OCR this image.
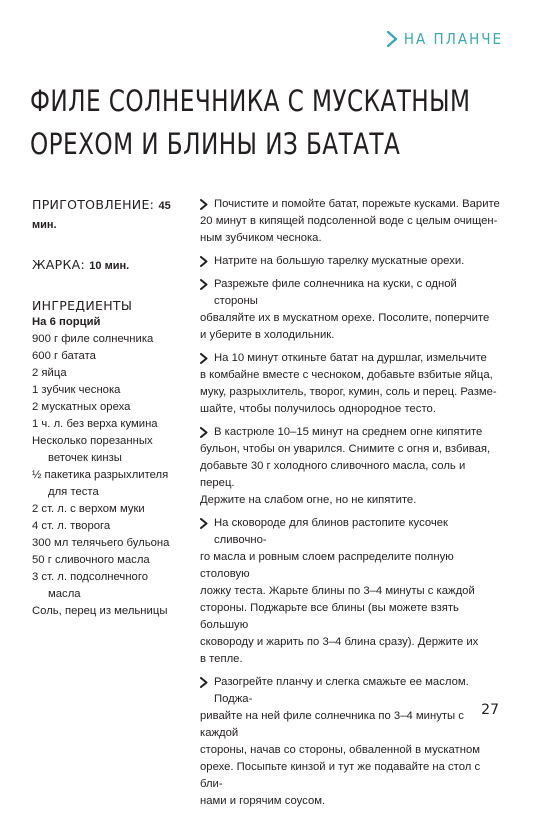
НА ПЛАНЧЕ
ФИЛЕ СОЛНЕЧНИКА С МУСКАТНЫМ
ОРЕХОМ И БЛИНЫ ИЗ БАТАТА
ПРИГОТОВЛЕНИЕ: 45 мин.
ЖАРКА: 10 мин.
ИНГРЕДИЕНТЫ
На 6 порций
900 г филе солнечника
600 г батата
2 яйца
1 зубчик чеснока
2 мускатных ореха
1 ч. л. без верха кумина
Несколько порезанных
веточек кинзы
½ пакетика разрыхлителя
для теста
2 ст. л. с верхом муки
4 ст. л. творога
300 мл телячьего бульона
50 г сливочного масла
3 ст. л. подсолнечного
масла
Соль, перец из мельницы
Почистите и помойте батат, порежьте кусками. Варите
20 минут в кипящей подсоленной воде с целым очищен-
ным зубчиком чеснока.
Натрите на большую тарелку мускатные орехи.
Разрежьте филе солнечника на куски, с одной стороны
обваляйте их в мускатном орехе. Посолите, поперчите
и уберите в холодильник.
На 10 минут откиньте батат на дуршлаг, измельчите
в комбайне вместе с чесноком, добавьте взбитые яйца,
муку, разрыхлитель, творог, кумин, соль и перец. Разме-
шайте, чтобы получилось однородное тесто.
В кастрюле 10–15 минут на среднем огне кипятите
бульон, чтобы он уварился. Снимите с огня и, взбивая,
добавьте 30 г холодного сливочного масла, соль и перец.
Держите на слабом огне, но не кипятите.
На сковороде для блинов растопите кусочек сливочно-
го масла и ровным слоем распределите полную столовую
ложку теста. Жарьте блины по 3–4 минуты с каждой
стороны. Поджарьте все блины (вы можете взять большую
сковороду и жарить по 3–4 блина сразу). Держите их
в тепле.
Разогрейте планчу и слегка смажьте ее маслом. Поджа-
ривайте на ней филе солнечника по 3–4 минуты с каждой
стороны, начав со стороны, обваленной в мускатном
орехе. Посыпьте кинзой и тут же подавайте на стол с бли-
нами и горячим соусом.
27
